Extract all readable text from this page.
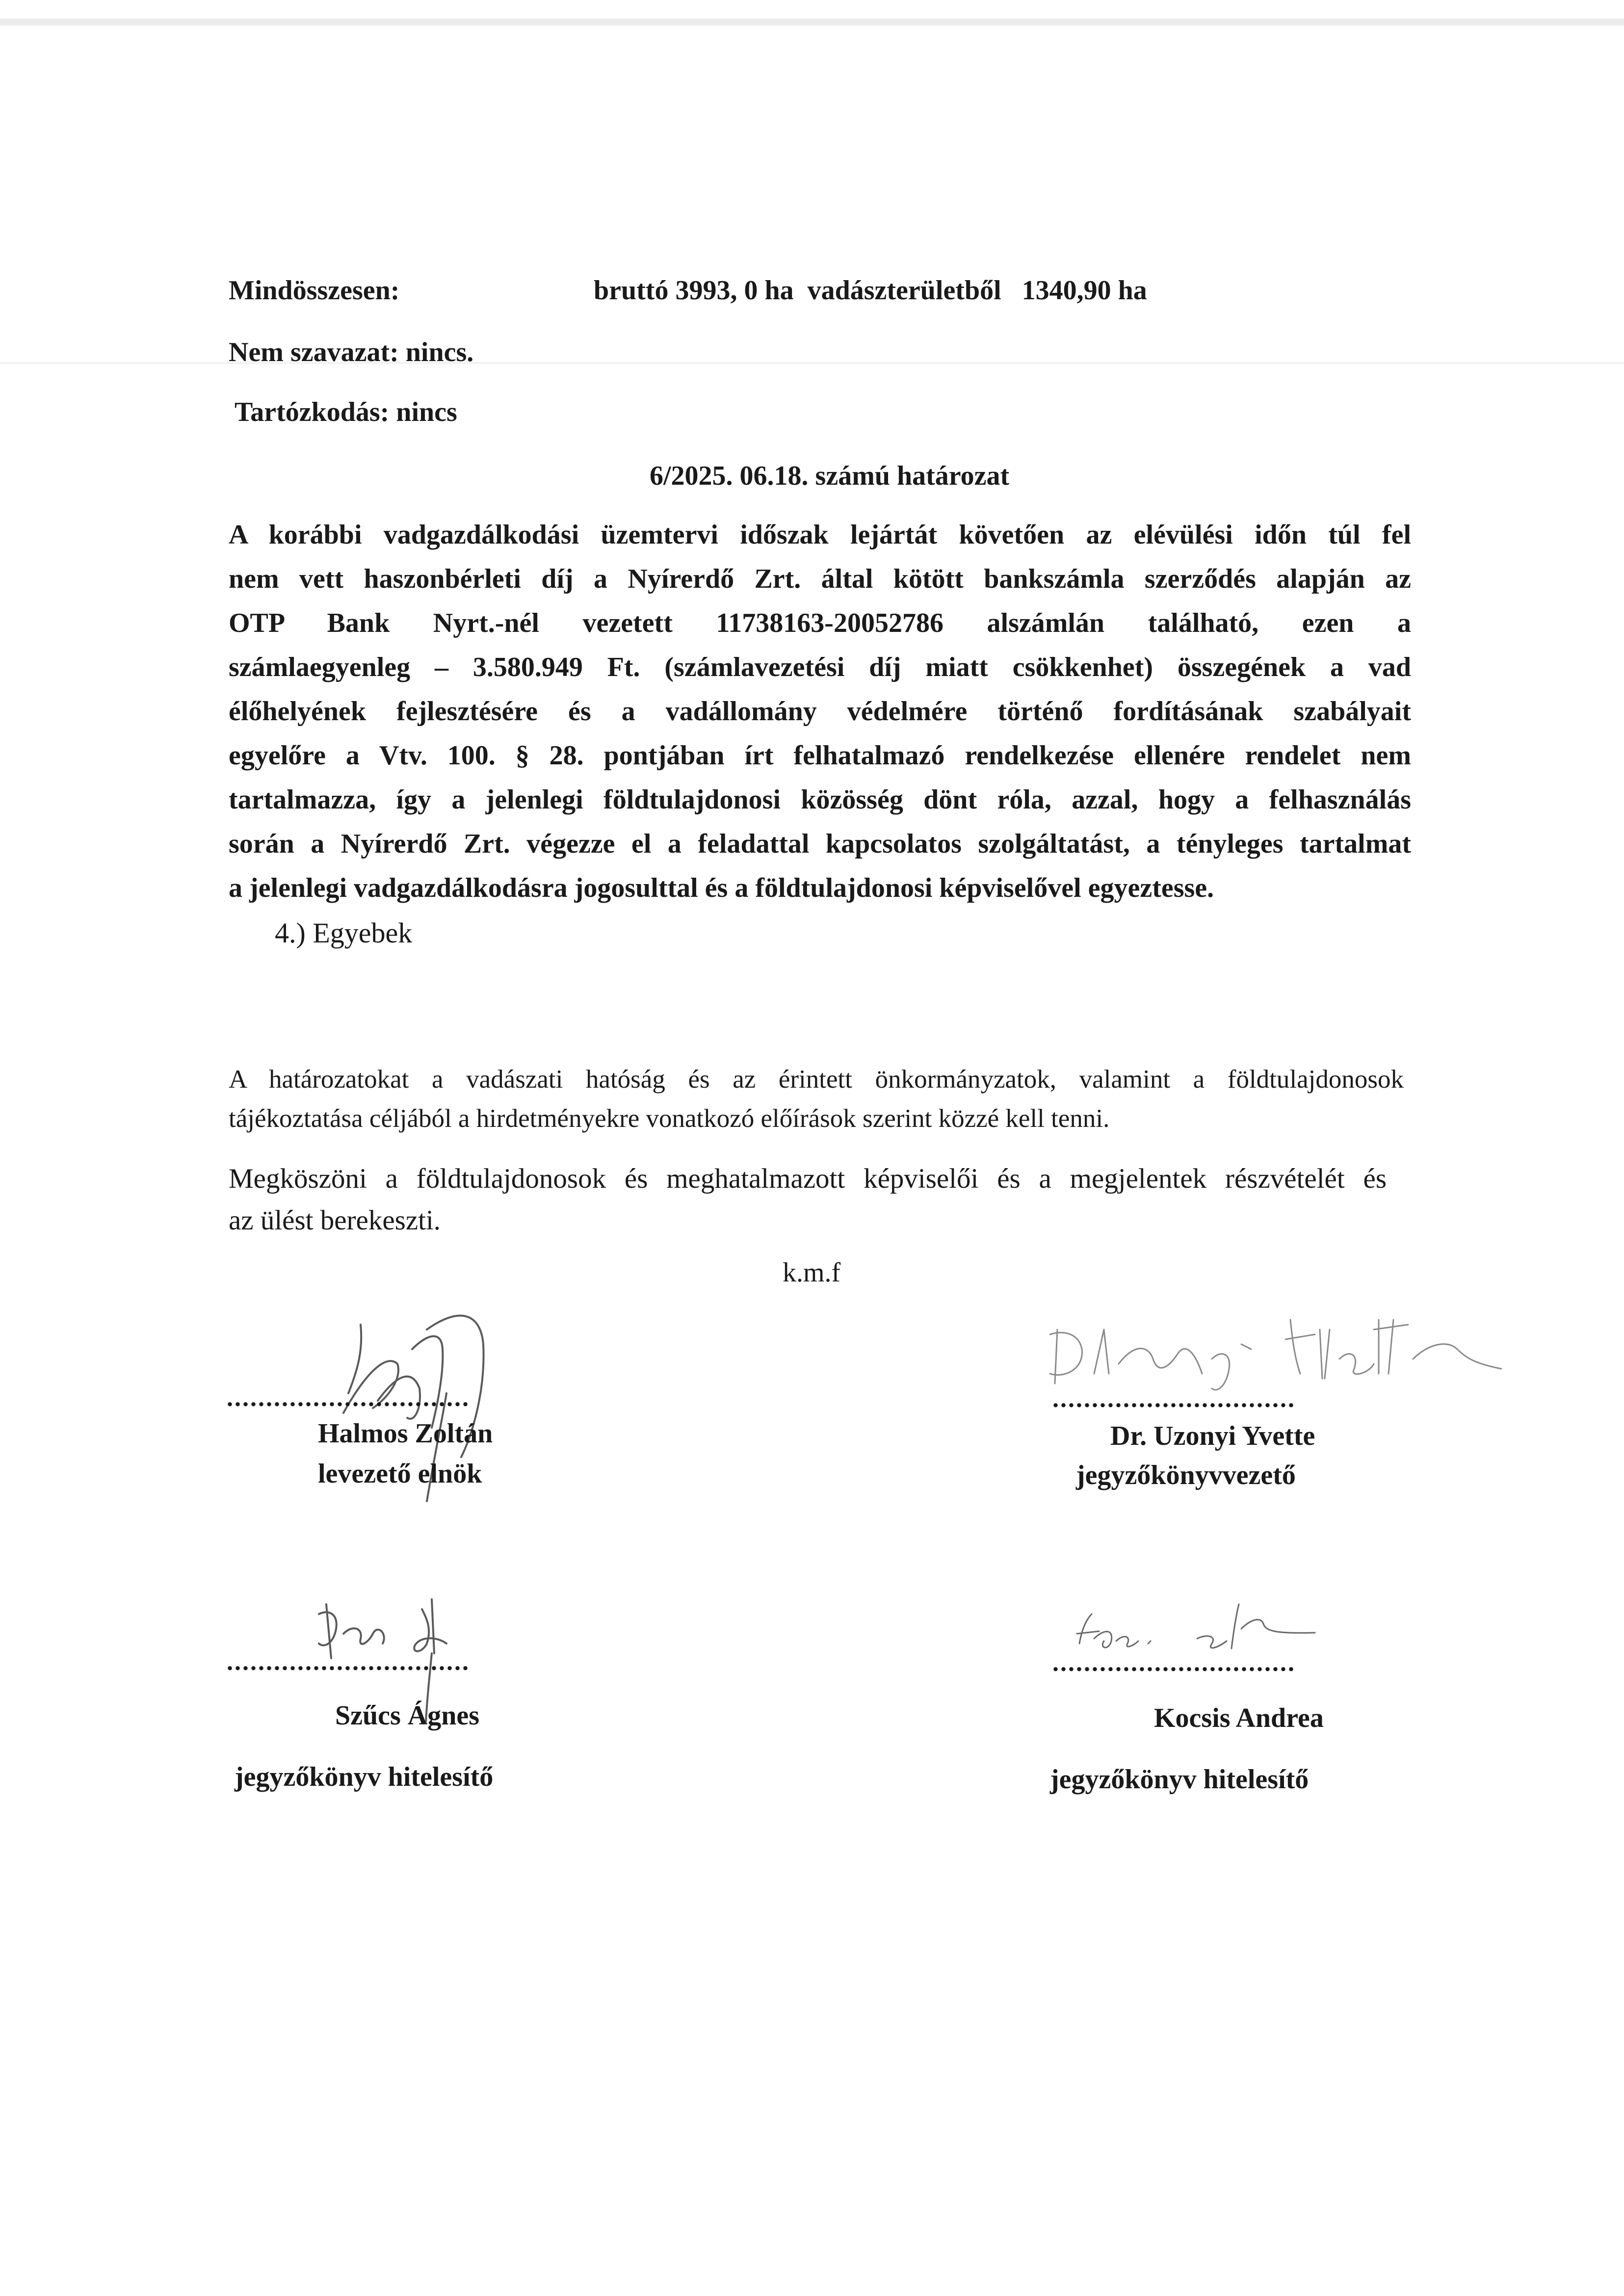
Mindösszesen:	bruttó 3993, 0 ha  vadászterületből   1340,90 ha
Nem szavazat: nincs.
Tartózkodás: nincs
6/2025. 06.18. számú határozat
A korábbi vadgazdálkodási üzemtervi időszak lejártát követően az elévülési időn túl fel
nem vett haszonbérleti díj a Nyírerdő Zrt. által kötött bankszámla szerződés alapján az
OTP Bank Nyrt.-nél vezetett 11738163-20052786 alszámlán található, ezen a
számlaegyenleg – 3.580.949 Ft. (számlavezetési díj miatt csökkenhet) összegének a vad
élőhelyének fejlesztésére és a vadállomány védelmére történő fordításának szabályait
egyelőre a Vtv. 100. § 28. pontjában írt felhatalmazó rendelkezése ellenére rendelet nem
tartalmazza, így a jelenlegi földtulajdonosi közösség dönt róla, azzal, hogy a felhasználás
során a Nyírerdő Zrt. végezze el a feladattal kapcsolatos szolgáltatást, a tényleges tartalmat
a jelenlegi vadgazdálkodásra jogosulttal és a földtulajdonosi képviselővel egyeztesse.
4.) Egyebek
A határozatokat a vadászati hatóság és az érintett önkormányzatok, valamint a földtulajdonosok
tájékoztatása céljából a hirdetményekre vonatkozó előírások szerint közzé kell tenni.
Megköszöni a földtulajdonosok és meghatalmazott képviselői és a megjelentek részvételét és
az ülést berekeszti.
k.m.f
...............................	...............................
...............................	...............................
Halmos Zoltán
levezető elnök
Dr. Uzonyi Yvette
jegyzőkönyvvezető
Szűcs Ágnes
jegyzőkönyv hitelesítő
Kocsis Andrea
jegyzőkönyv hitelesítő
